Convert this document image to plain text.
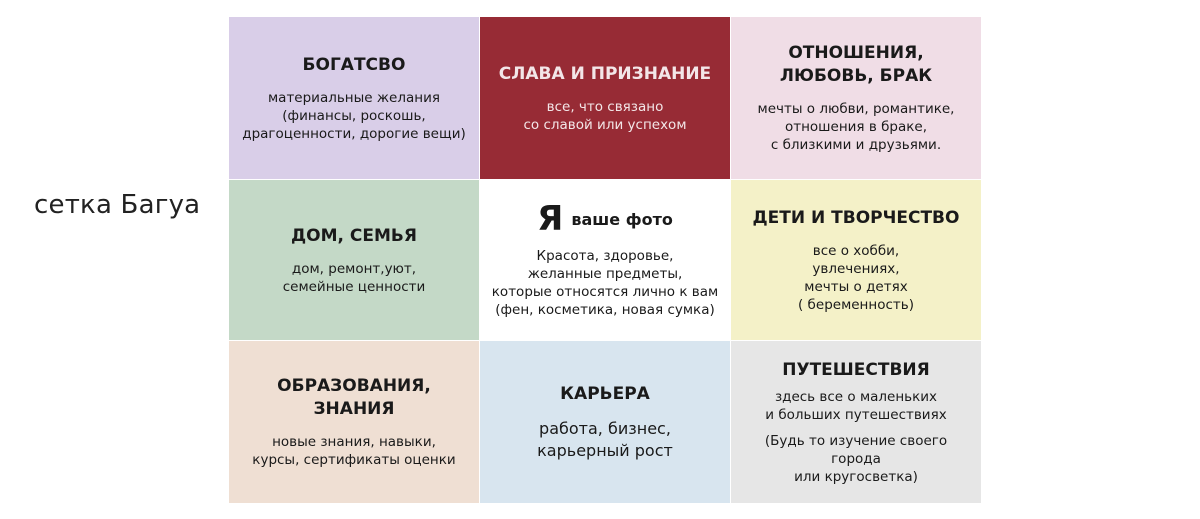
сетка Багуа
БОГАТСВО
материальные желания
(финансы, роскошь,
драгоценности, дорогие вещи)
СЛАВА И ПРИЗНАНИЕ
все, что связано
со славой или успехом
ОТНОШЕНИЯ,
ЛЮБОВЬ, БРАК
мечты о любви, романтике,
отношения в браке,
с близкими и друзьями.
ДОМ, СЕМЬЯ
дом, ремонт,уют,
семейные ценности
Я ваше фото
Красота, здоровье,
желанные предметы,
которые относятся лично к вам
(фен, косметика, новая сумка)
ДЕТИ И ТВОРЧЕСТВО
все о хобби,
увлечениях,
мечты о детях
( беременность)
ОБРАЗОВАНИЯ,
ЗНАНИЯ
новые знания, навыки,
курсы, сертификаты оценки
КАРЬЕРА
работа, бизнес,
карьерный рост
ПУТЕШЕСТВИЯ
здесь все о маленьких
и больших путешествиях
(Будь то изучение своего города
или кругосветка)
